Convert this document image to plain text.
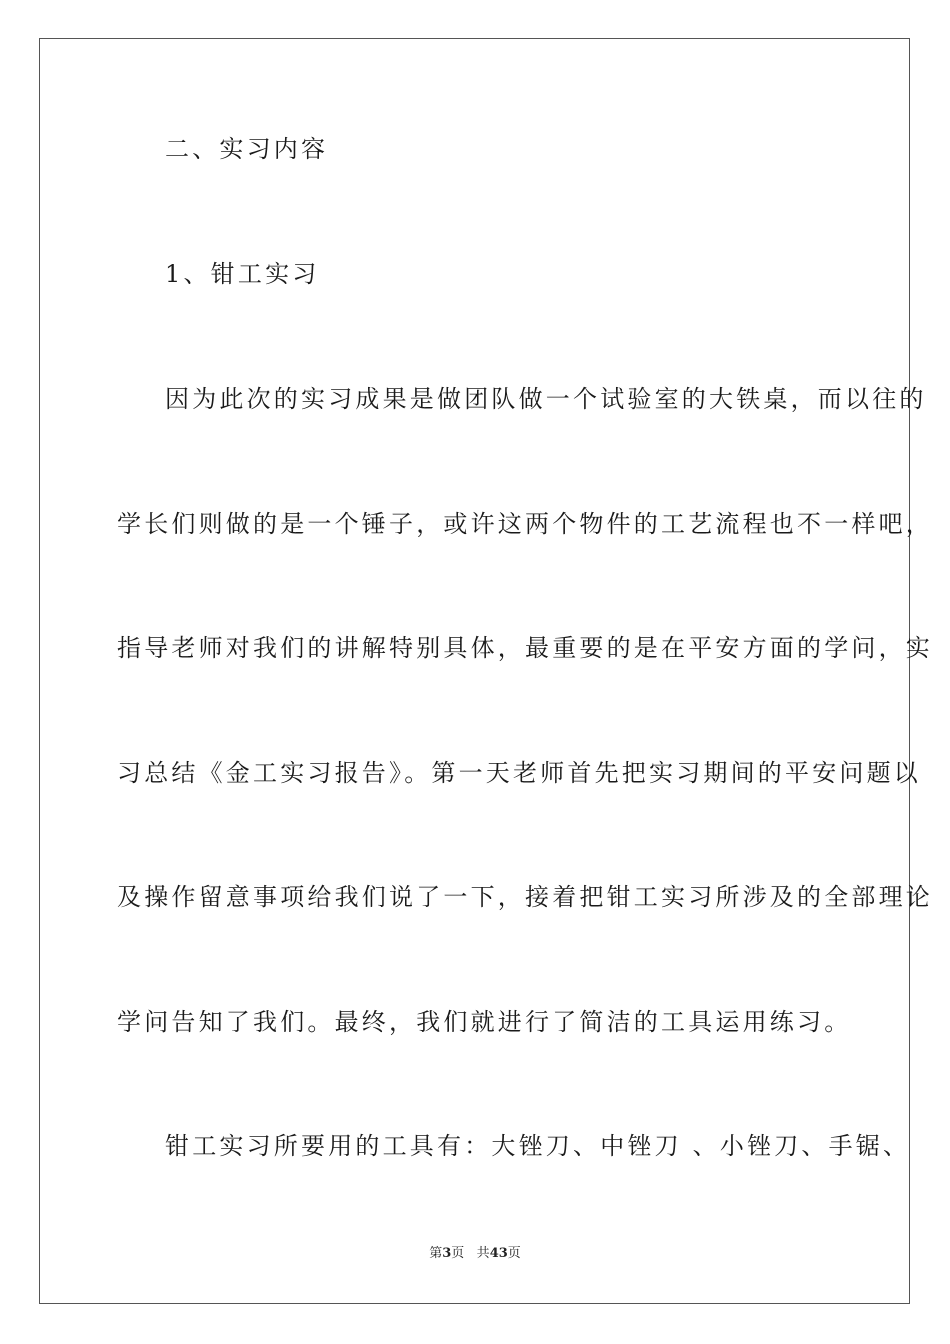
二、实习内容
1、钳工实习
因为此次的实习成果是做团队做一个试验室的大铁桌，而以往的
学长们则做的是一个锤子，或许这两个物件的工艺流程也不一样吧，
指导老师对我们的讲解特别具体，最重要的是在平安方面的学问，实
习总结《金工实习报告》。第一天老师首先把实习期间的平安问题以
及操作留意事项给我们说了一下，接着把钳工实习所涉及的全部理论
学问告知了我们。最终，我们就进行了简洁的工具运用练习。
钳工实习所要用的工具有：大锉刀、中锉刀 、小锉刀、手锯、
第3页 共43页
